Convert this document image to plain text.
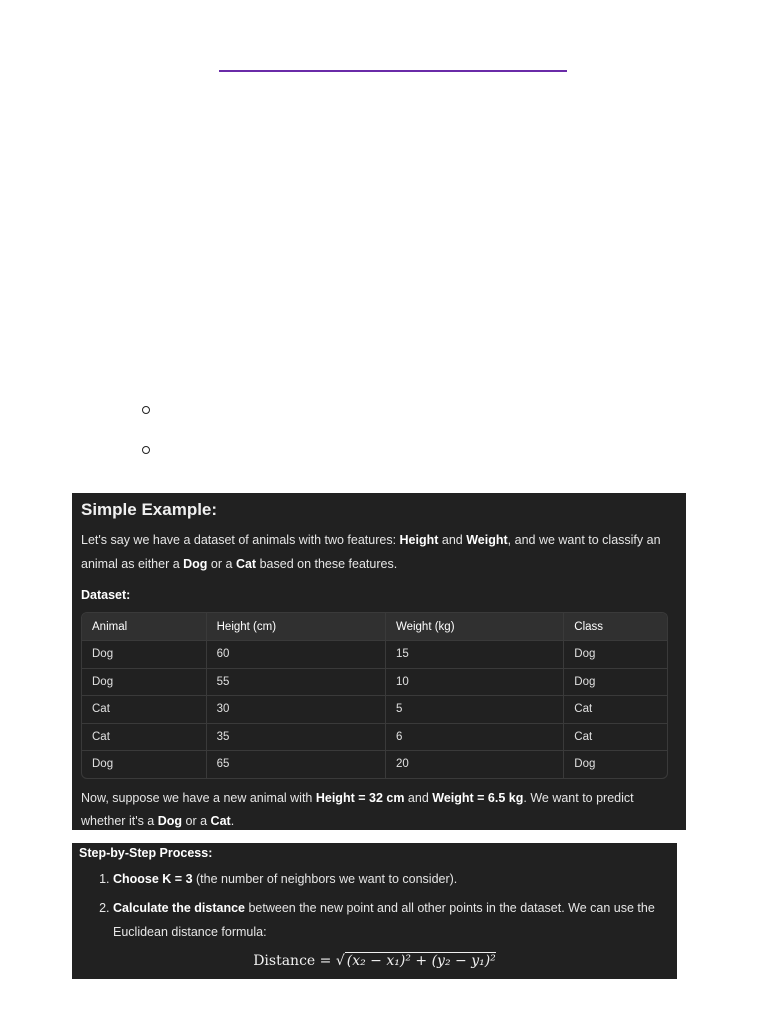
Simple Example:

Let's say we have a dataset of animals with two features: Height and Weight, and we want to classify an animal as either a Dog or a Cat based on these features.

Dataset:
Animal	Height (cm)	Weight (kg)	Class
Dog	60	15	Dog
Dog	55	10	Dog
Cat	30	5	Cat
Cat	35	6	Cat
Dog	65	20	Dog

Now, suppose we have a new animal with Height = 32 cm and Weight = 6.5 kg. We want to predict whether it's a Dog or a Cat.

Step-by-Step Process:
1. Choose K = 3 (the number of neighbors we want to consider).
2. Calculate the distance between the new point and all other points in the dataset. We can use the Euclidean distance formula:
Distance = √ (x₂ − x₁)² + (y₂ − y₁)²
